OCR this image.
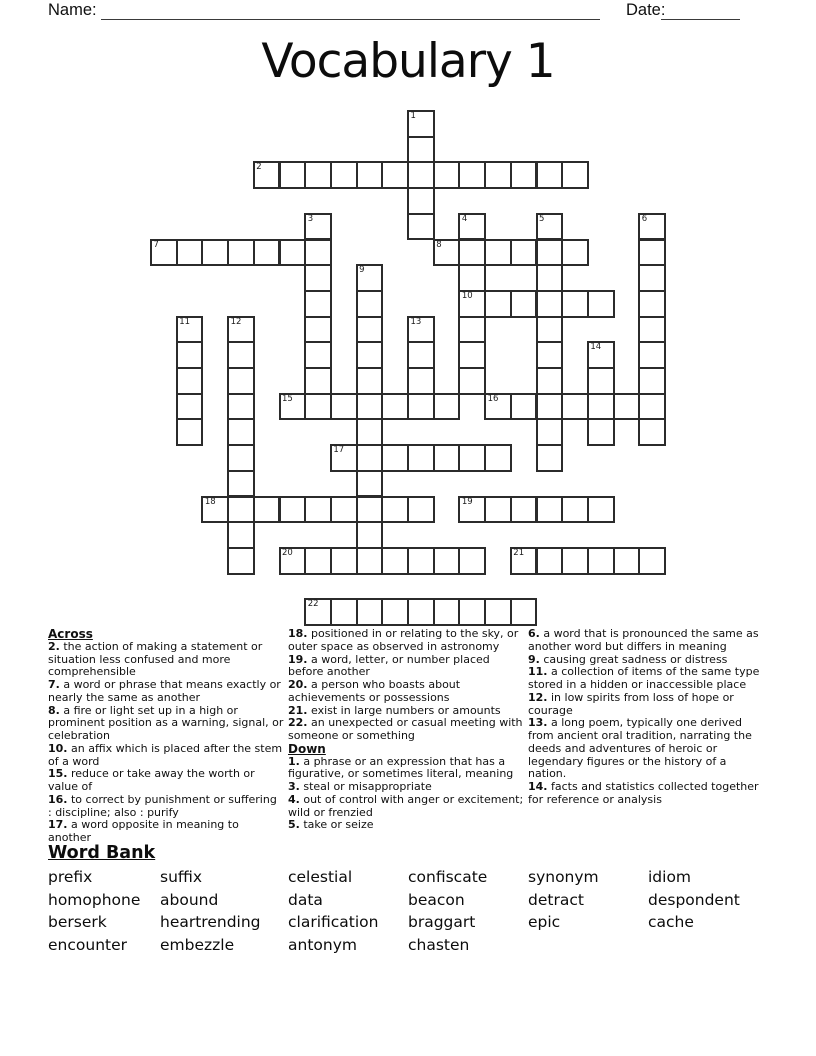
Name:	Date:
Vocabulary 1
1
2
3	4
10
5	6
7	8
9
11	12	13
14
15	16
17
18	19
20	21
22
Across
2. the action of making a statement or situation less confused and more comprehensible
7. a word or phrase that means exactly or nearly the same as another
8. a fire or light set up in a high or prominent position as a warning, signal, or celebration
10. an affix which is placed after the stem of a word
15. reduce or take away the worth or value of
16. to correct by punishment or suffering : discipline; also : purify
17. a word opposite in meaning to another
18. positioned in or relating to the sky, or outer space as observed in astronomy
19. a word, letter, or number placed before another
20. a person who boasts about achievements or possessions
21. exist in large numbers or amounts
22. an unexpected or casual meeting with someone or something
Down
1. a phrase or an expression that has a figurative, or sometimes literal, meaning
3. steal or misappropriate
4. out of control with anger or excitement; wild or frenzied
5. take or seize
6. a word that is pronounced the same as another word but differs in meaning
9. causing great sadness or distress
11. a collection of items of the same type stored in a hidden or inaccessible place
12. in low spirits from loss of hope or courage
13. a long poem, typically one derived from ancient oral tradition, narrating the deeds and adventures of heroic or legendary figures or the history of a nation.
14. facts and statistics collected together for reference or analysis
Word Bank
prefix	suffix	celestial	confiscate	synonym	idiom
homophone	abound	data	beacon	detract	despondent
berserk	heartrending	clarification	braggart	epic	cache
encounter	embezzle	antonym	chasten
